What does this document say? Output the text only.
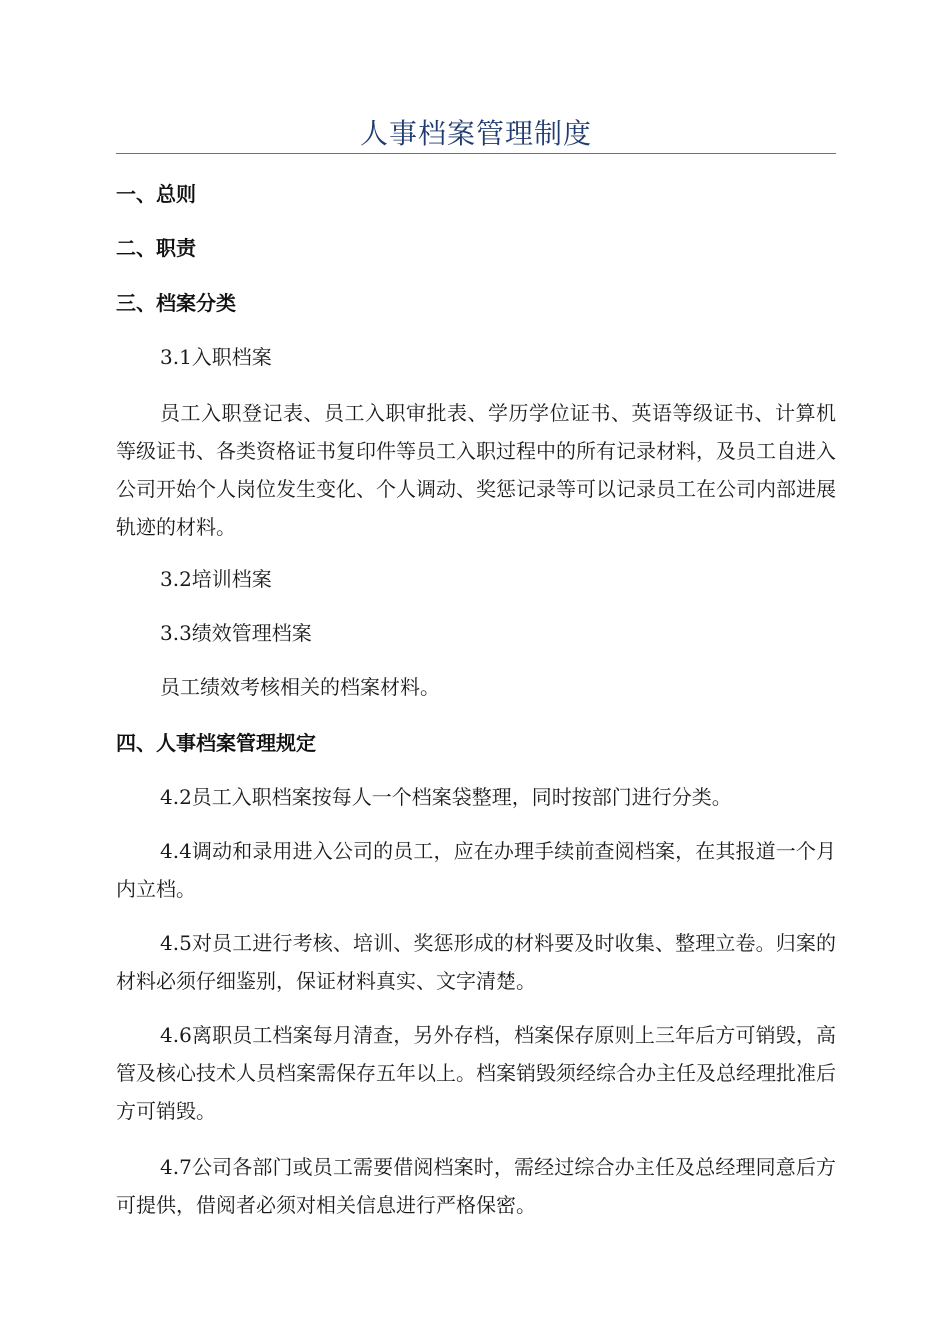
人事档案管理制度
一、总则
二、职责
三、档案分类
3.1入职档案
员工入职登记表、员工入职审批表、学历学位证书、英语等级证书、计算机等级证书、各类资格证书复印件等员工入职过程中的所有记录材料，及员工自进入公司开始个人岗位发生变化、个人调动、奖惩记录等可以记录员工在公司内部进展轨迹的材料。
3.2培训档案
3.3绩效管理档案
员工绩效考核相关的档案材料。
四、人事档案管理规定
4.2员工入职档案按每人一个档案袋整理，同时按部门进行分类。
4.4调动和录用进入公司的员工，应在办理手续前查阅档案，在其报道一个月内立档。
4.5对员工进行考核、培训、奖惩形成的材料要及时收集、整理立卷。归案的材料必须仔细鉴别，保证材料真实、文字清楚。
4.6离职员工档案每月清查，另外存档，档案保存原则上三年后方可销毁，高管及核心技术人员档案需保存五年以上。档案销毁须经综合办主任及总经理批准后方可销毁。
4.7公司各部门或员工需要借阅档案时，需经过综合办主任及总经理同意后方可提供，借阅者必须对相关信息进行严格保密。
